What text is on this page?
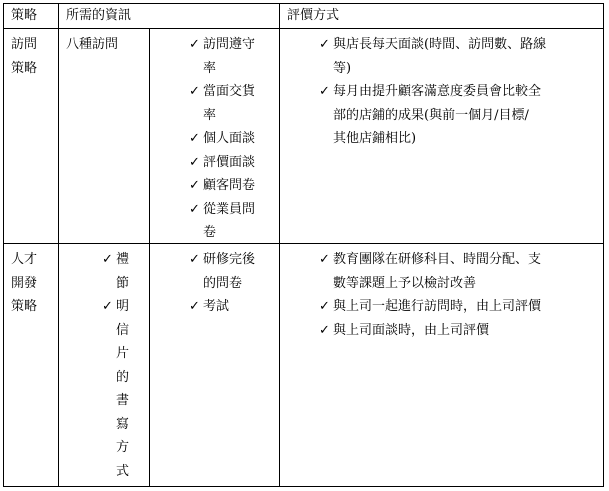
策略 所需的資訊	評價方式
訪問
策略
八種訪問	✓ 訪問遵守
率
✓ 當面交貨
率
✓ 個人面談
✓ 評價面談
✓ 顧客問卷
✓ 從業員問
卷
✓ 與店長每天面談(時間、訪問數、路線
等)
✓ 每月由提升顧客滿意度委員會比較全
部的店鋪的成果(與前一個月/目標/
其他店鋪相比)
人才
開發
策略
✓ 禮
節
✓ 明
信
片
的
書
寫
方
式
✓ 研修完後
的問卷
✓ 考試
✓ 教育團隊在研修科目、時間分配、支
數等課題上予以檢討改善
✓ 與上司一起進行訪問時，由上司評價
✓ 與上司面談時，由上司評價
